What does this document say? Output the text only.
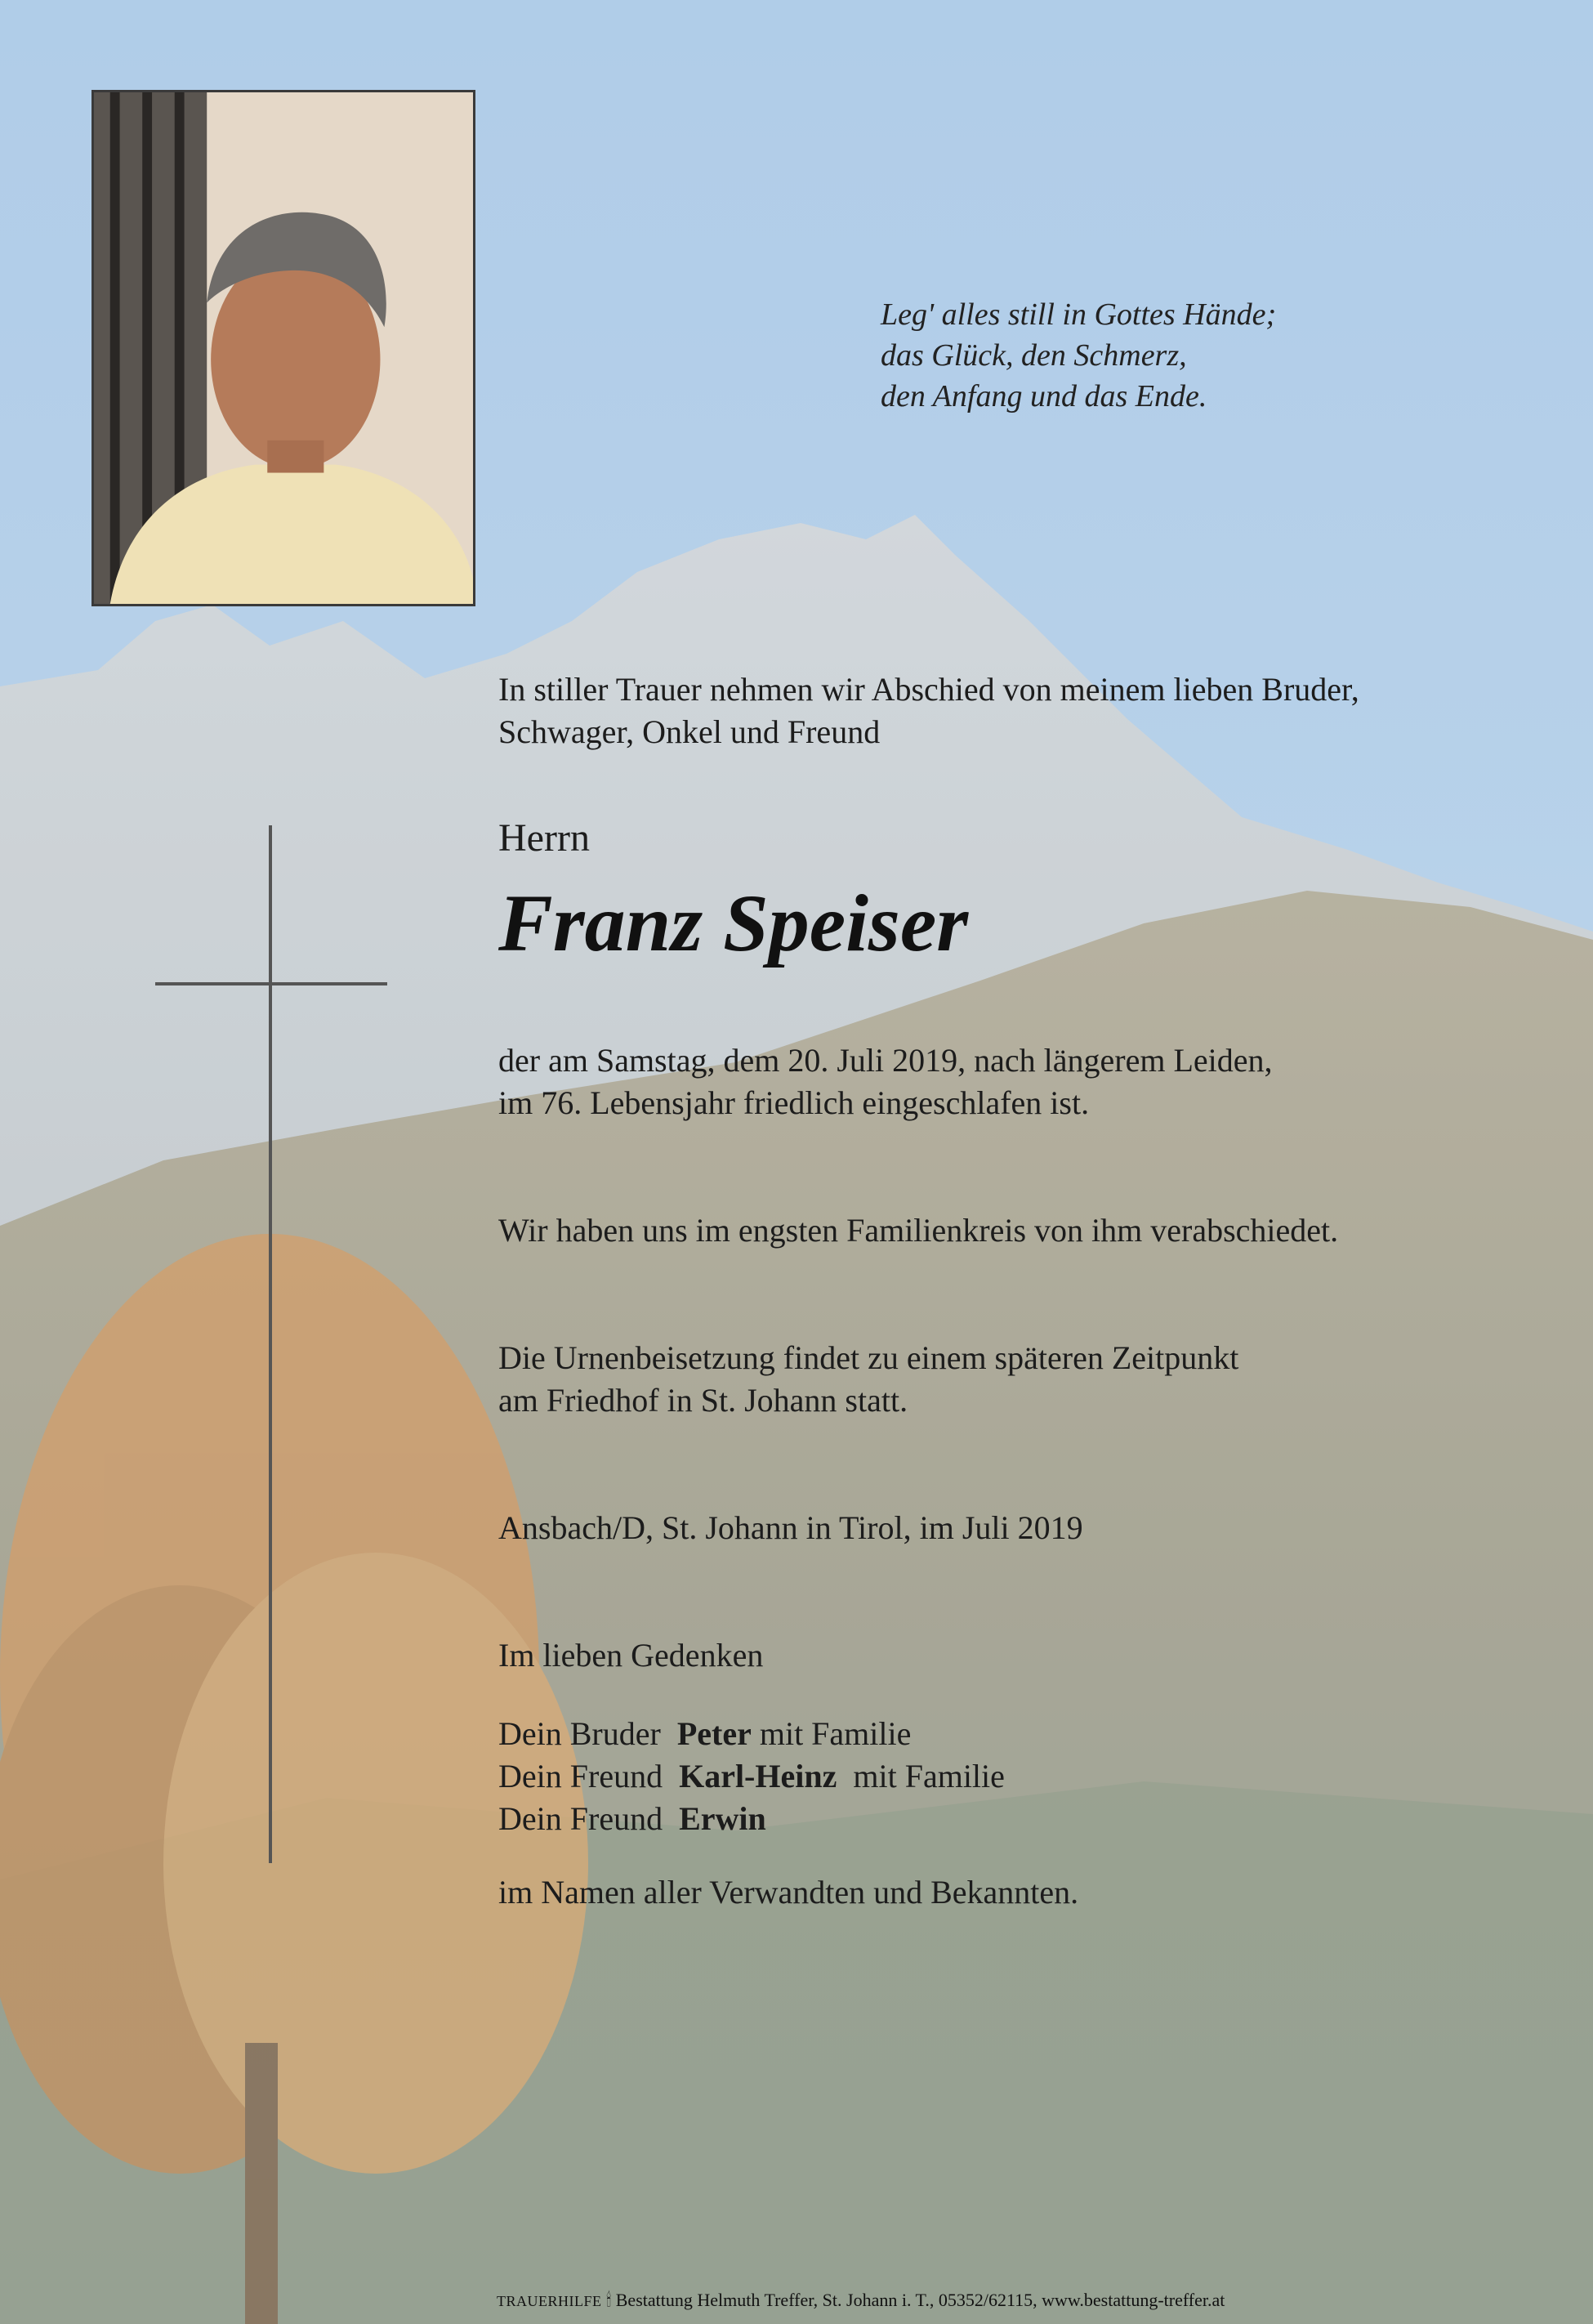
Leg' alles still in Gottes Hände;
das Glück, den Schmerz,
den Anfang und das Ende.
In stiller Trauer nehmen wir Abschied von meinem lieben Bruder,
Schwager, Onkel und Freund
Herrn
Franz Speiser
der am Samstag, dem 20. Juli 2019, nach längerem Leiden,
im 76. Lebensjahr friedlich eingeschlafen ist.
Wir haben uns im engsten Familienkreis von ihm verabschiedet.
Die Urnenbeisetzung findet zu einem späteren Zeitpunkt
am Friedhof in St. Johann statt.
Ansbach/D, St. Johann in Tirol, im Juli 2019
Im lieben Gedenken
Dein Bruder
Peter
mit Familie
Dein Freund
Karl-Heinz
mit Familie
Dein Freund
Erwin
im Namen aller Verwandten und Bekannten.
TRAUERHILFE 🕯 Bestattung Helmuth Treffer, St. Johann i. T., 05352/62115, www.bestattung-treffer.at
